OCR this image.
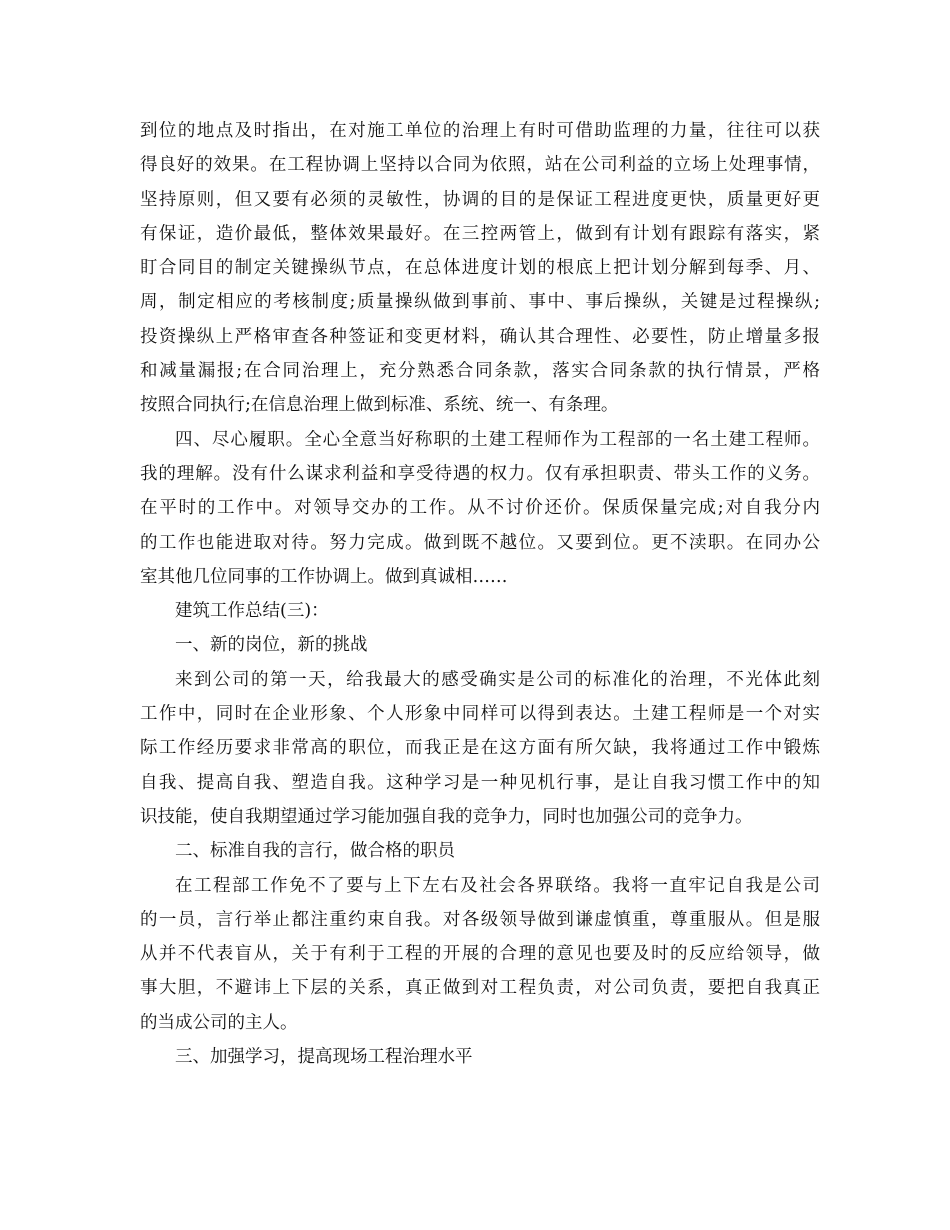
到位的地点及时指出，在对施工单位的治理上有时可借助监理的力量，往往可以获
得良好的效果。在工程协调上坚持以合同为依照，站在公司利益的立场上处理事情，
坚持原则，但又要有必须的灵敏性，协调的目的是保证工程进度更快，质量更好更
有保证，造价最低，整体效果最好。在三控两管上，做到有计划有跟踪有落实，紧
盯合同目的制定关键操纵节点，在总体进度计划的根底上把计划分解到每季、月、
周，制定相应的考核制度;质量操纵做到事前、事中、事后操纵，关键是过程操纵;
投资操纵上严格审查各种签证和变更材料，确认其合理性、必要性，防止增量多报
和减量漏报;在合同治理上，充分熟悉合同条款，落实合同条款的执行情景，严格
按照合同执行;在信息治理上做到标准、系统、统一、有条理。
四、尽心履职。全心全意当好称职的土建工程师作为工程部的一名土建工程师。
我的理解。没有什么谋求利益和享受待遇的权力。仅有承担职责、带头工作的义务。
在平时的工作中。对领导交办的工作。从不讨价还价。保质保量完成;对自我分内
的工作也能进取对待。努力完成。做到既不越位。又要到位。更不渎职。在同办公
室其他几位同事的工作协调上。做到真诚相……
建筑工作总结(三)：
一、新的岗位，新的挑战
来到公司的第一天，给我最大的感受确实是公司的标准化的治理，不光体此刻
工作中，同时在企业形象、个人形象中同样可以得到表达。土建工程师是一个对实
际工作经历要求非常高的职位，而我正是在这方面有所欠缺，我将通过工作中锻炼
自我、提高自我、塑造自我。这种学习是一种见机行事，是让自我习惯工作中的知
识技能，使自我期望通过学习能加强自我的竞争力，同时也加强公司的竞争力。
二、标准自我的言行，做合格的职员
在工程部工作免不了要与上下左右及社会各界联络。我将一直牢记自我是公司
的一员，言行举止都注重约束自我。对各级领导做到谦虚慎重，尊重服从。但是服
从并不代表盲从，关于有利于工程的开展的合理的意见也要及时的反应给领导，做
事大胆，不避讳上下层的关系，真正做到对工程负责，对公司负责，要把自我真正
的当成公司的主人。
三、加强学习，提高现场工程治理水平
